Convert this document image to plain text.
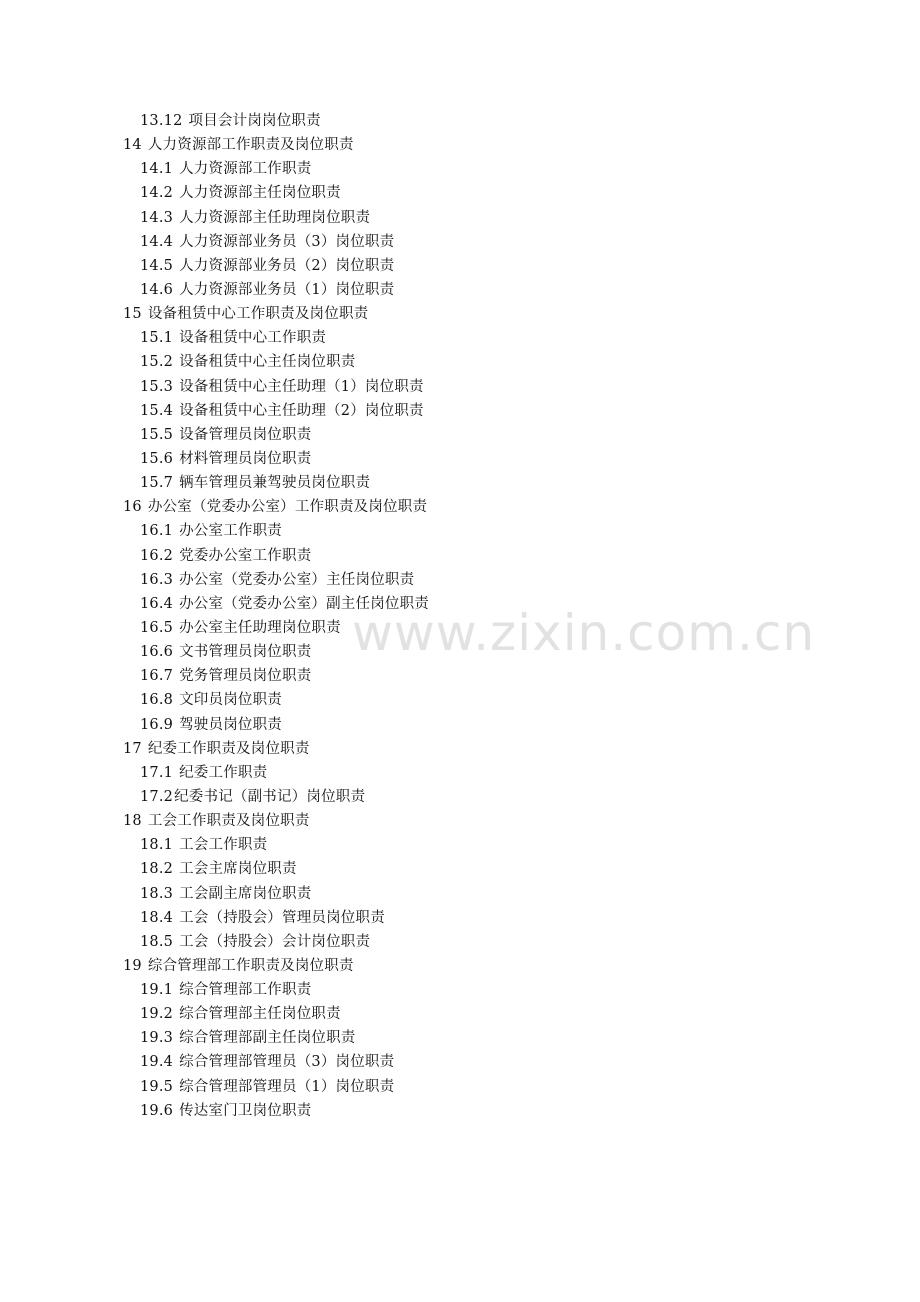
13.12 项目会计岗岗位职责
14 人力资源部工作职责及岗位职责
14.1 人力资源部工作职责
14.2 人力资源部主任岗位职责
14.3 人力资源部主任助理岗位职责
14.4 人力资源部业务员（3）岗位职责
14.5 人力资源部业务员（2）岗位职责
14.6 人力资源部业务员（1）岗位职责
15 设备租赁中心工作职责及岗位职责
15.1 设备租赁中心工作职责
15.2 设备租赁中心主任岗位职责
15.3 设备租赁中心主任助理（1）岗位职责
15.4 设备租赁中心主任助理（2）岗位职责
15.5 设备管理员岗位职责
15.6 材料管理员岗位职责
15.7 辆车管理员兼驾驶员岗位职责
16 办公室（党委办公室）工作职责及岗位职责
16.1 办公室工作职责
16.2 党委办公室工作职责
16.3 办公室（党委办公室）主任岗位职责
16.4 办公室（党委办公室）副主任岗位职责
16.5 办公室主任助理岗位职责
16.6 文书管理员岗位职责
16.7 党务管理员岗位职责
16.8 文印员岗位职责
16.9 驾驶员岗位职责
17 纪委工作职责及岗位职责
17.1 纪委工作职责
17.2纪委书记（副书记）岗位职责
18 工会工作职责及岗位职责
18.1 工会工作职责
18.2 工会主席岗位职责
18.3 工会副主席岗位职责
18.4 工会（持股会）管理员岗位职责
18.5 工会（持股会）会计岗位职责
19 综合管理部工作职责及岗位职责
19.1 综合管理部工作职责
19.2 综合管理部主任岗位职责
19.3 综合管理部副主任岗位职责
19.4 综合管理部管理员（3）岗位职责
19.5 综合管理部管理员（1）岗位职责
19.6 传达室门卫岗位职责
www.zixin.com.cn
